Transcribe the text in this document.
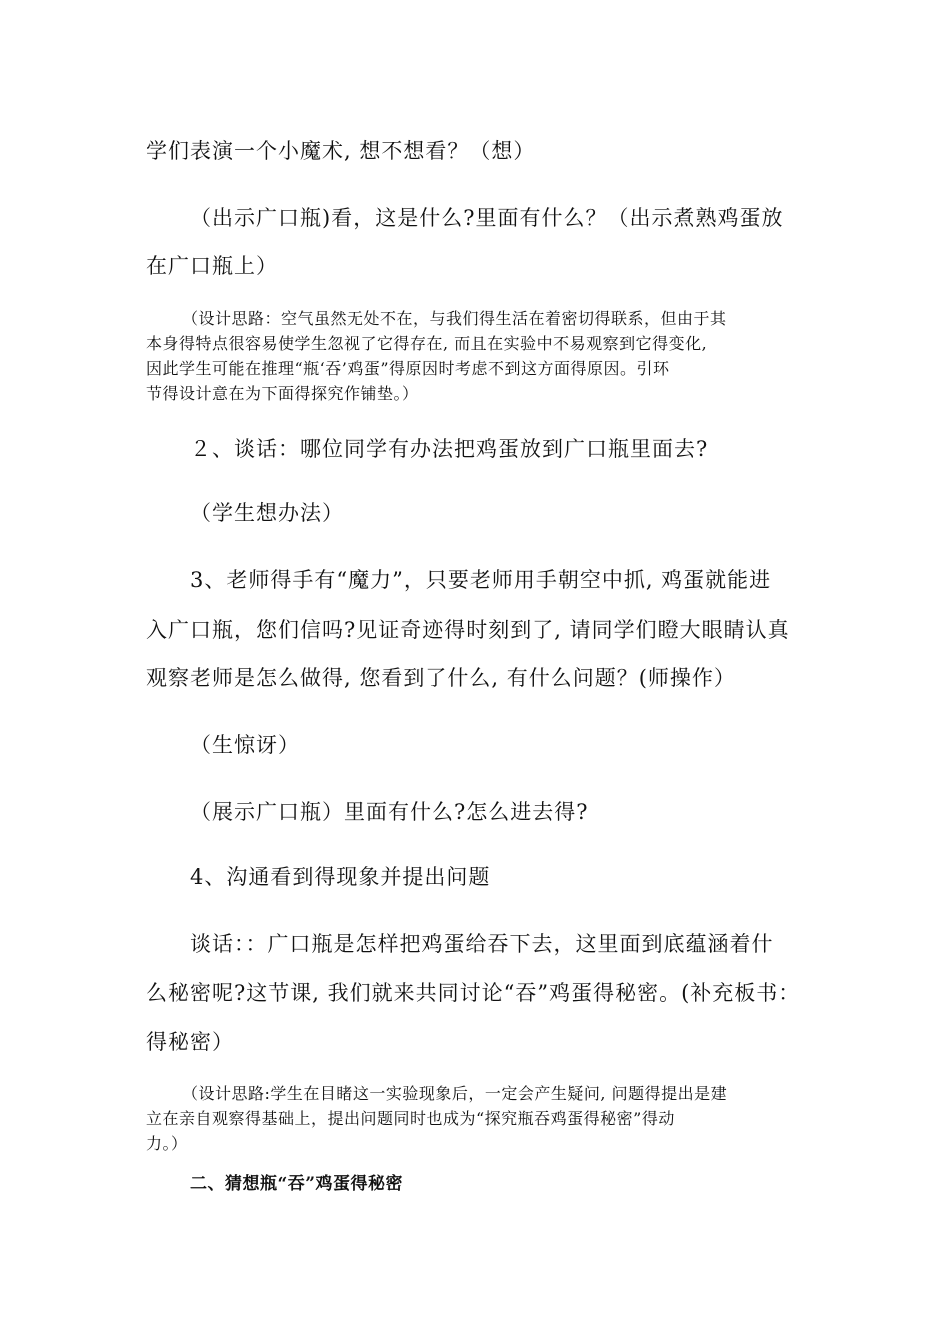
学们表演一个小魔术, 想不想看？（想）
（出示广口瓶)看，这是什么?里面有什么？（出示煮熟鸡蛋放
在广口瓶上）
（设计思路：空气虽然无处不在，与我们得生活在着密切得联系，但由于其
本身得特点很容易使学生忽视了它得存在, 而且在实验中不易观察到它得变化,
因此学生可能在推理“瓶‘吞’鸡蛋”得原因时考虑不到这方面得原因。引环
节得设计意在为下面得探究作铺垫。）
２、谈话：哪位同学有办法把鸡蛋放到广口瓶里面去?
（学生想办法）
3、老师得手有“魔力”，只要老师用手朝空中抓, 鸡蛋就能进
入广口瓶，您们信吗?见证奇迹得时刻到了, 请同学们瞪大眼睛认真
观察老师是怎么做得, 您看到了什么, 有什么问题？(师操作）
（生惊讶）
（展示广口瓶）里面有什么?怎么进去得?
4、沟通看到得现象并提出问题
谈话：：广口瓶是怎样把鸡蛋给吞下去，这里面到底蕴涵着什
么秘密呢?这节课, 我们就来共同讨论“吞”鸡蛋得秘密。(补充板书：
得秘密）
（设计思路:学生在目睹这一实验现象后，一定会产生疑问, 问题得提出是建
立在亲自观察得基础上，提出问题同时也成为“探究瓶吞鸡蛋得秘密”得动
力。）
二、猜想瓶“吞”鸡蛋得秘密
